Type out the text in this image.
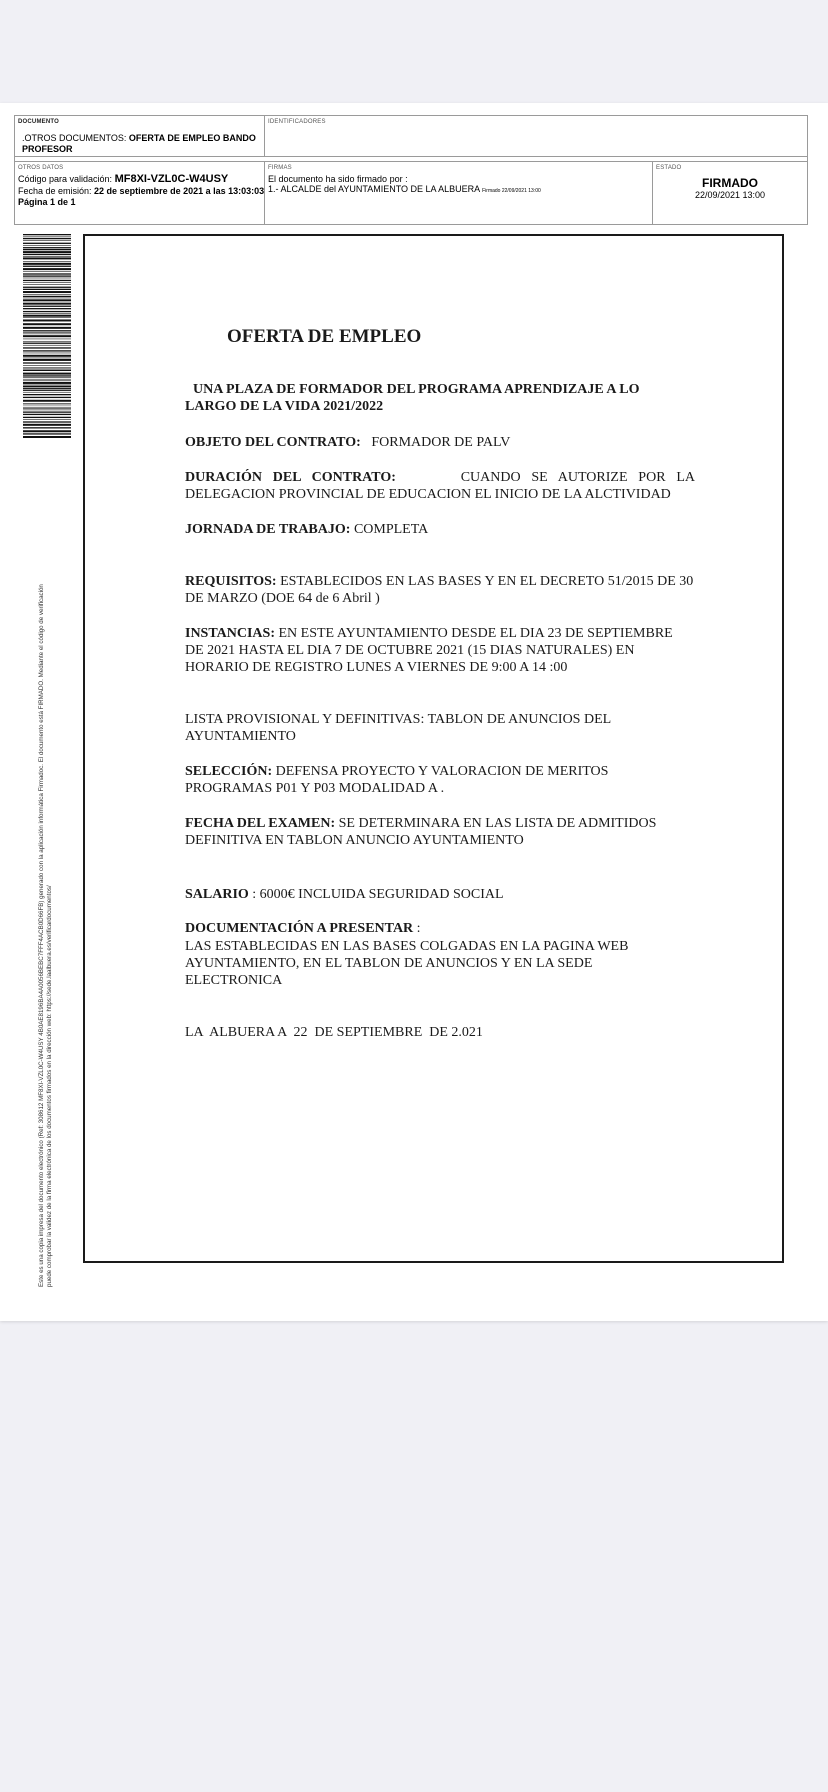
DOCUMENTO
.OTROS DOCUMENTOS: OFERTA DE EMPLEO BANDO PROFESOR
IDENTIFICADORES
OTROS DATOS
Código para validación: MF8XI-VZL0C-W4USY
Fecha de emisión: 22 de septiembre de 2021 a las 13:03:03
Página 1 de 1
FIRMAS
El documento ha sido firmado por :
1.- ALCALDE del AYUNTAMIENTO DE LA ALBUERA Firmado 22/09/2021 13:00
ESTADO
FIRMADO
22/09/2021 13:00
Este es una copia impresa del documento electrónico (Ref: 308612 MF8XI-VZL0C-W4USY 4B0AE8196BA4A0056BEBC7FFF4ACB0D66FB) generado con la aplicación informática Firmadoc. El documento está FIRMADO. Mediante el código de verificación puede comprobar la validez de la firma electrónica de los documentos firmados en la dirección web: https://sede.laalbuera.es/verificardocumentos/
OFERTA DE EMPLEO
UNA PLAZA DE FORMADOR DEL PROGRAMA APRENDIZAJE A LO LARGO DE LA VIDA 2021/2022
OBJETO DEL CONTRATO:   FORMADOR DE PALV
DURACIÓN DEL CONTRATO:      CUANDO SE AUTORIZE POR LA DELEGACION PROVINCIAL DE EDUCACION EL INICIO DE LA ALCTIVIDAD
JORNADA DE TRABAJO: COMPLETA
REQUISITOS: ESTABLECIDOS EN LAS BASES Y EN EL DECRETO 51/2015 DE 30 DE MARZO (DOE 64 de 6 Abril )
INSTANCIAS: EN ESTE AYUNTAMIENTO DESDE EL DIA 23 DE SEPTIEMBRE DE 2021 HASTA EL DIA 7 DE OCTUBRE 2021 (15 DIAS NATURALES) EN HORARIO DE REGISTRO LUNES A VIERNES DE 9:00 A 14 :00
LISTA PROVISIONAL Y DEFINITIVAS: TABLON DE ANUNCIOS DEL AYUNTAMIENTO
SELECCIÓN: DEFENSA PROYECTO Y VALORACION DE MERITOS PROGRAMAS P01 Y P03 MODALIDAD A .
FECHA DEL EXAMEN: SE DETERMINARA EN LAS LISTA DE ADMITIDOS DEFINITIVA EN TABLON ANUNCIO AYUNTAMIENTO
SALARIO : 6000€ INCLUIDA SEGURIDAD SOCIAL
DOCUMENTACIÓN A PRESENTAR :
LAS ESTABLECIDAS EN LAS BASES COLGADAS EN LA PAGINA WEB AYUNTAMIENTO, EN EL TABLON DE ANUNCIOS Y EN LA SEDE ELECTRONICA
LA  ALBUERA A  22  DE SEPTIEMBRE  DE 2.021
